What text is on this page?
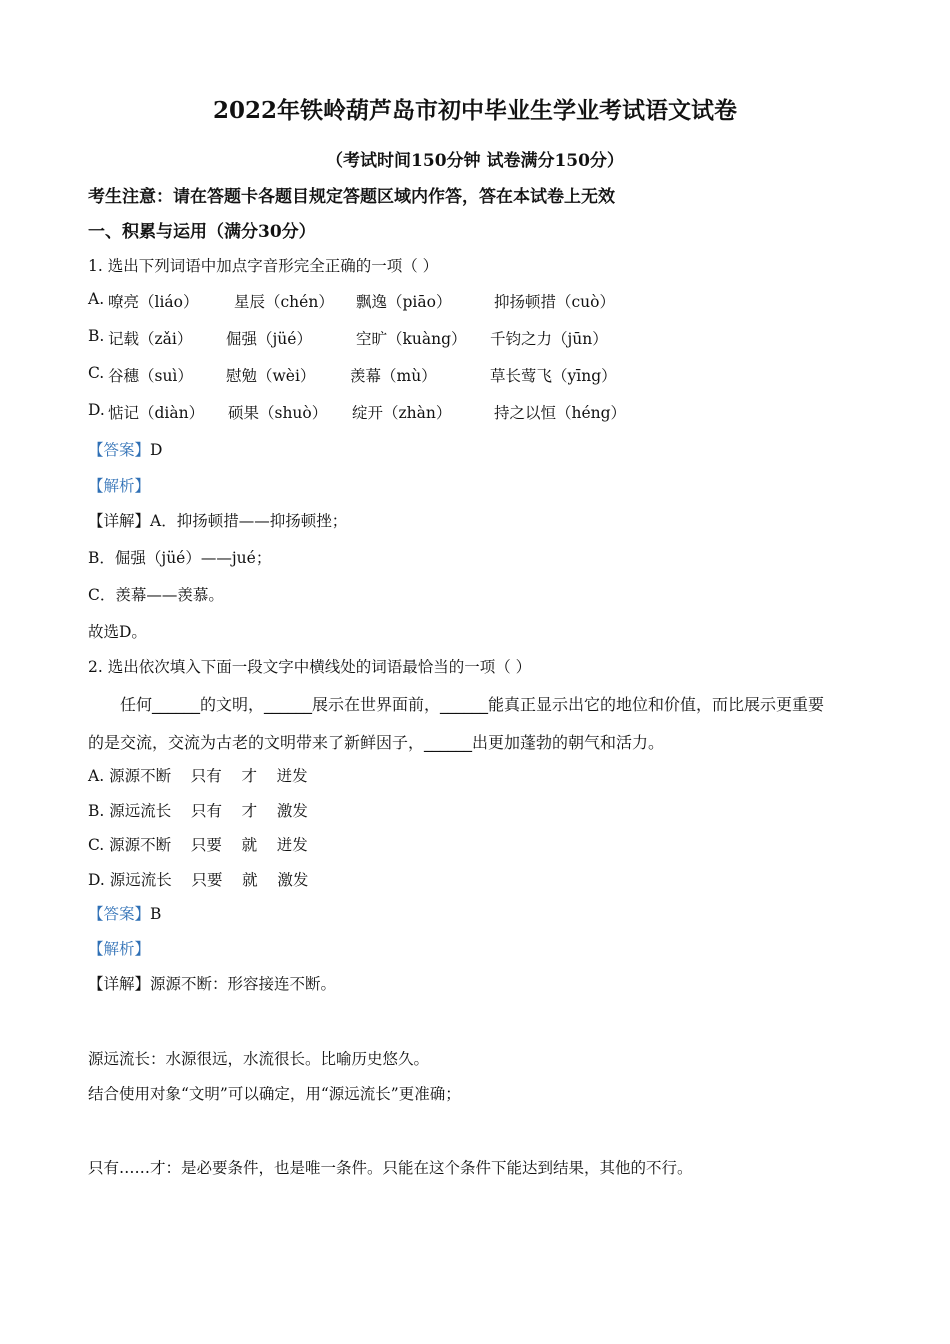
2022年铁岭葫芦岛市初中毕业生学业考试语文试卷
（考试时间150分钟 试卷满分150分）
考生注意：请在答题卡各题目规定答题区域内作答，答在本试卷上无效
一、积累与运用（满分30分）
1. 选出下列词语中加点字音形完全正确的一项（ ）
A. 嘹亮（liáo） 星辰（chén） 飘逸（piāo）	抑扬顿措（cuò）
B. 记载（zǎi） 倔强（jüé）	空旷（kuàng） 千钧之力（jūn）
C. 谷穗（suì） 慰勉（wèi） 羡幕（mù）	草长莺飞（yīng）
D. 惦记（diàn） 硕果（shuò） 绽开（zhàn）	持之以恒（héng）
【答案】D
【解析】
【详解】A．抑扬顿措——抑扬顿挫；
B．倔强（jüé）——jué；
C．羡幕——羡慕。
故选D。
2. 选出依次填入下面一段文字中横线处的词语最恰当的一项（ ）
任何______的文明，______展示在世界面前，______能真正显示出它的地位和价值，而比展示更重要
的是交流，交流为古老的文明带来了新鲜因子，______出更加蓬勃的朝气和活力。
A. 源源不断    只有    才    迸发
B. 源远流长    只有    才    激发
C. 源源不断    只要    就    迸发
D. 源远流长    只要    就    激发
【答案】B
【解析】
【详解】源源不断：形容接连不断。
源远流长：水源很远，水流很长。比喻历史悠久。
结合使用对象“文明”可以确定，用“源远流长”更准确；
只有……才：是必要条件，也是唯一条件。只能在这个条件下能达到结果，其他的不行。
